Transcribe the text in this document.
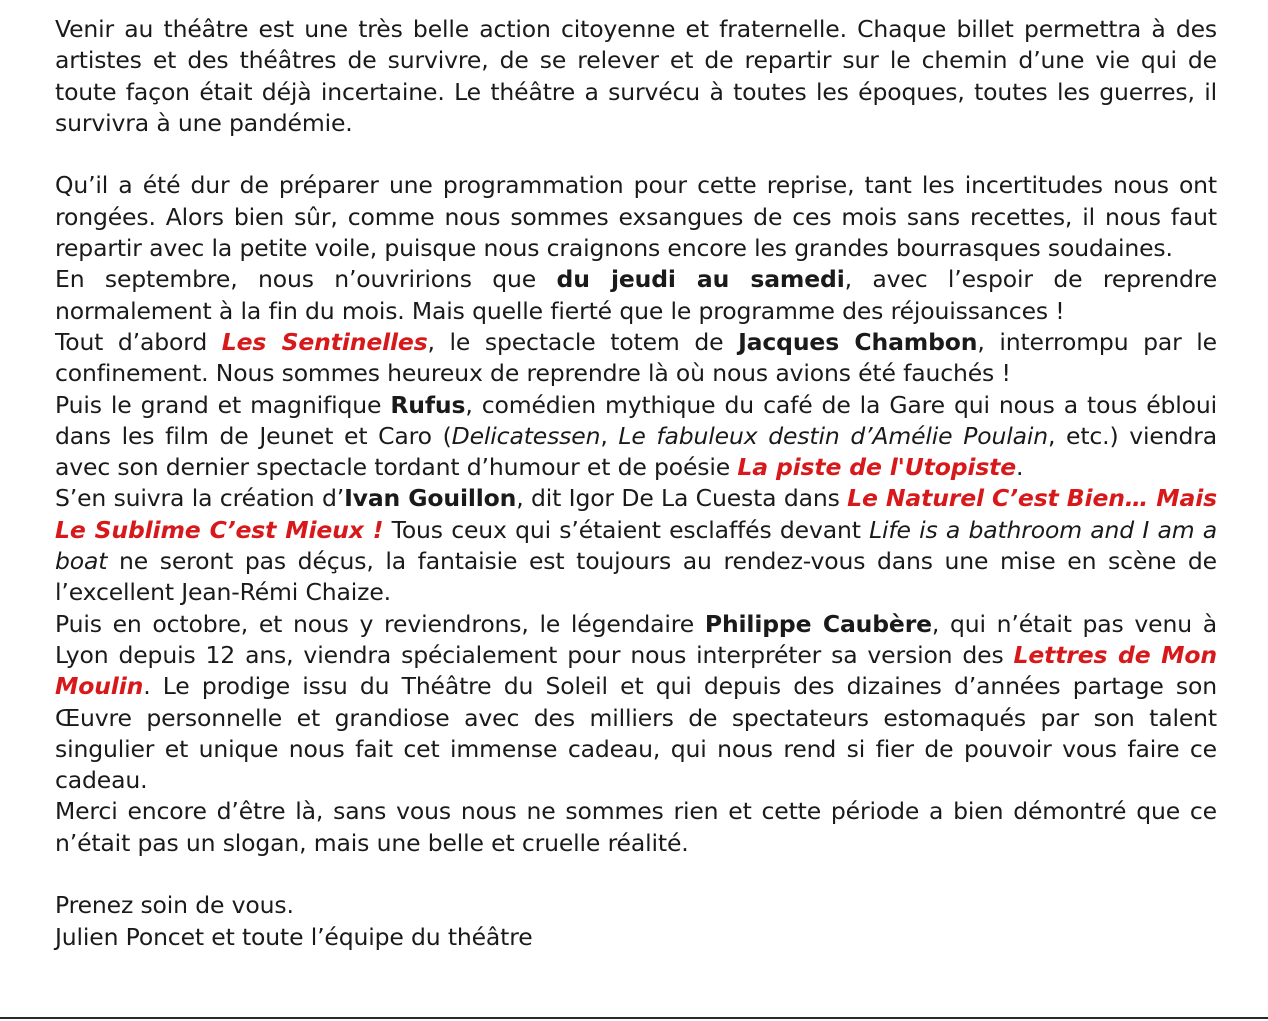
Venir au théâtre est une très belle action citoyenne et fraternelle. Chaque billet permettra à des artistes et des théâtres de survivre, de se relever et de repartir sur le chemin d’une vie qui de toute façon était déjà incertaine. Le théâtre a survécu à toutes les époques, toutes les guerres, il survivra à une pandémie.

Qu’il a été dur de préparer une programmation pour cette reprise, tant les incertitudes nous ont rongées. Alors bien sûr, comme nous sommes exsangues de ces mois sans recettes, il nous faut repartir avec la petite voile, puisque nous craignons encore les grandes bourrasques soudaines.

En septembre, nous n’ouvririons que du jeudi au samedi, avec l’espoir de reprendre normalement à la fin du mois. Mais quelle fierté que le programme des réjouissances !

Tout d’abord Les Sentinelles, le spectacle totem de Jacques Chambon, interrompu par le confinement. Nous sommes heureux de reprendre là où nous avions été fauchés !

Puis le grand et magnifique Rufus, comédien mythique du café de la Gare qui nous a tous ébloui dans les film de Jeunet et Caro (Delicatessen, Le fabuleux destin d’Amélie Poulain, etc.) viendra avec son dernier spectacle tordant d’humour et de poésie La piste de l'Utopiste.

S’en suivra la création d’Ivan Gouillon, dit Igor De La Cuesta dans Le Naturel C’est Bien… Mais Le Sublime C’est Mieux ! Tous ceux qui s’étaient esclaffés devant Life is a bathroom and I am a boat ne seront pas déçus, la fantaisie est toujours au rendez-vous dans une mise en scène de l’excellent Jean-Rémi Chaize.

Puis en octobre, et nous y reviendrons, le légendaire Philippe Caubère, qui n’était pas venu à Lyon depuis 12 ans, viendra spécialement pour nous interpréter sa version des Lettres de Mon Moulin. Le prodige issu du Théâtre du Soleil et qui depuis des dizaines d’années partage son Œuvre personnelle et grandiose avec des milliers de spectateurs estomaqués par son talent singulier et unique nous fait cet immense cadeau, qui nous rend si fier de pouvoir vous faire ce cadeau.

Merci encore d’être là, sans vous nous ne sommes rien et cette période a bien démontré que ce n’était pas un slogan, mais une belle et cruelle réalité.

Prenez soin de vous.

Julien Poncet et toute l’équipe du théâtre
